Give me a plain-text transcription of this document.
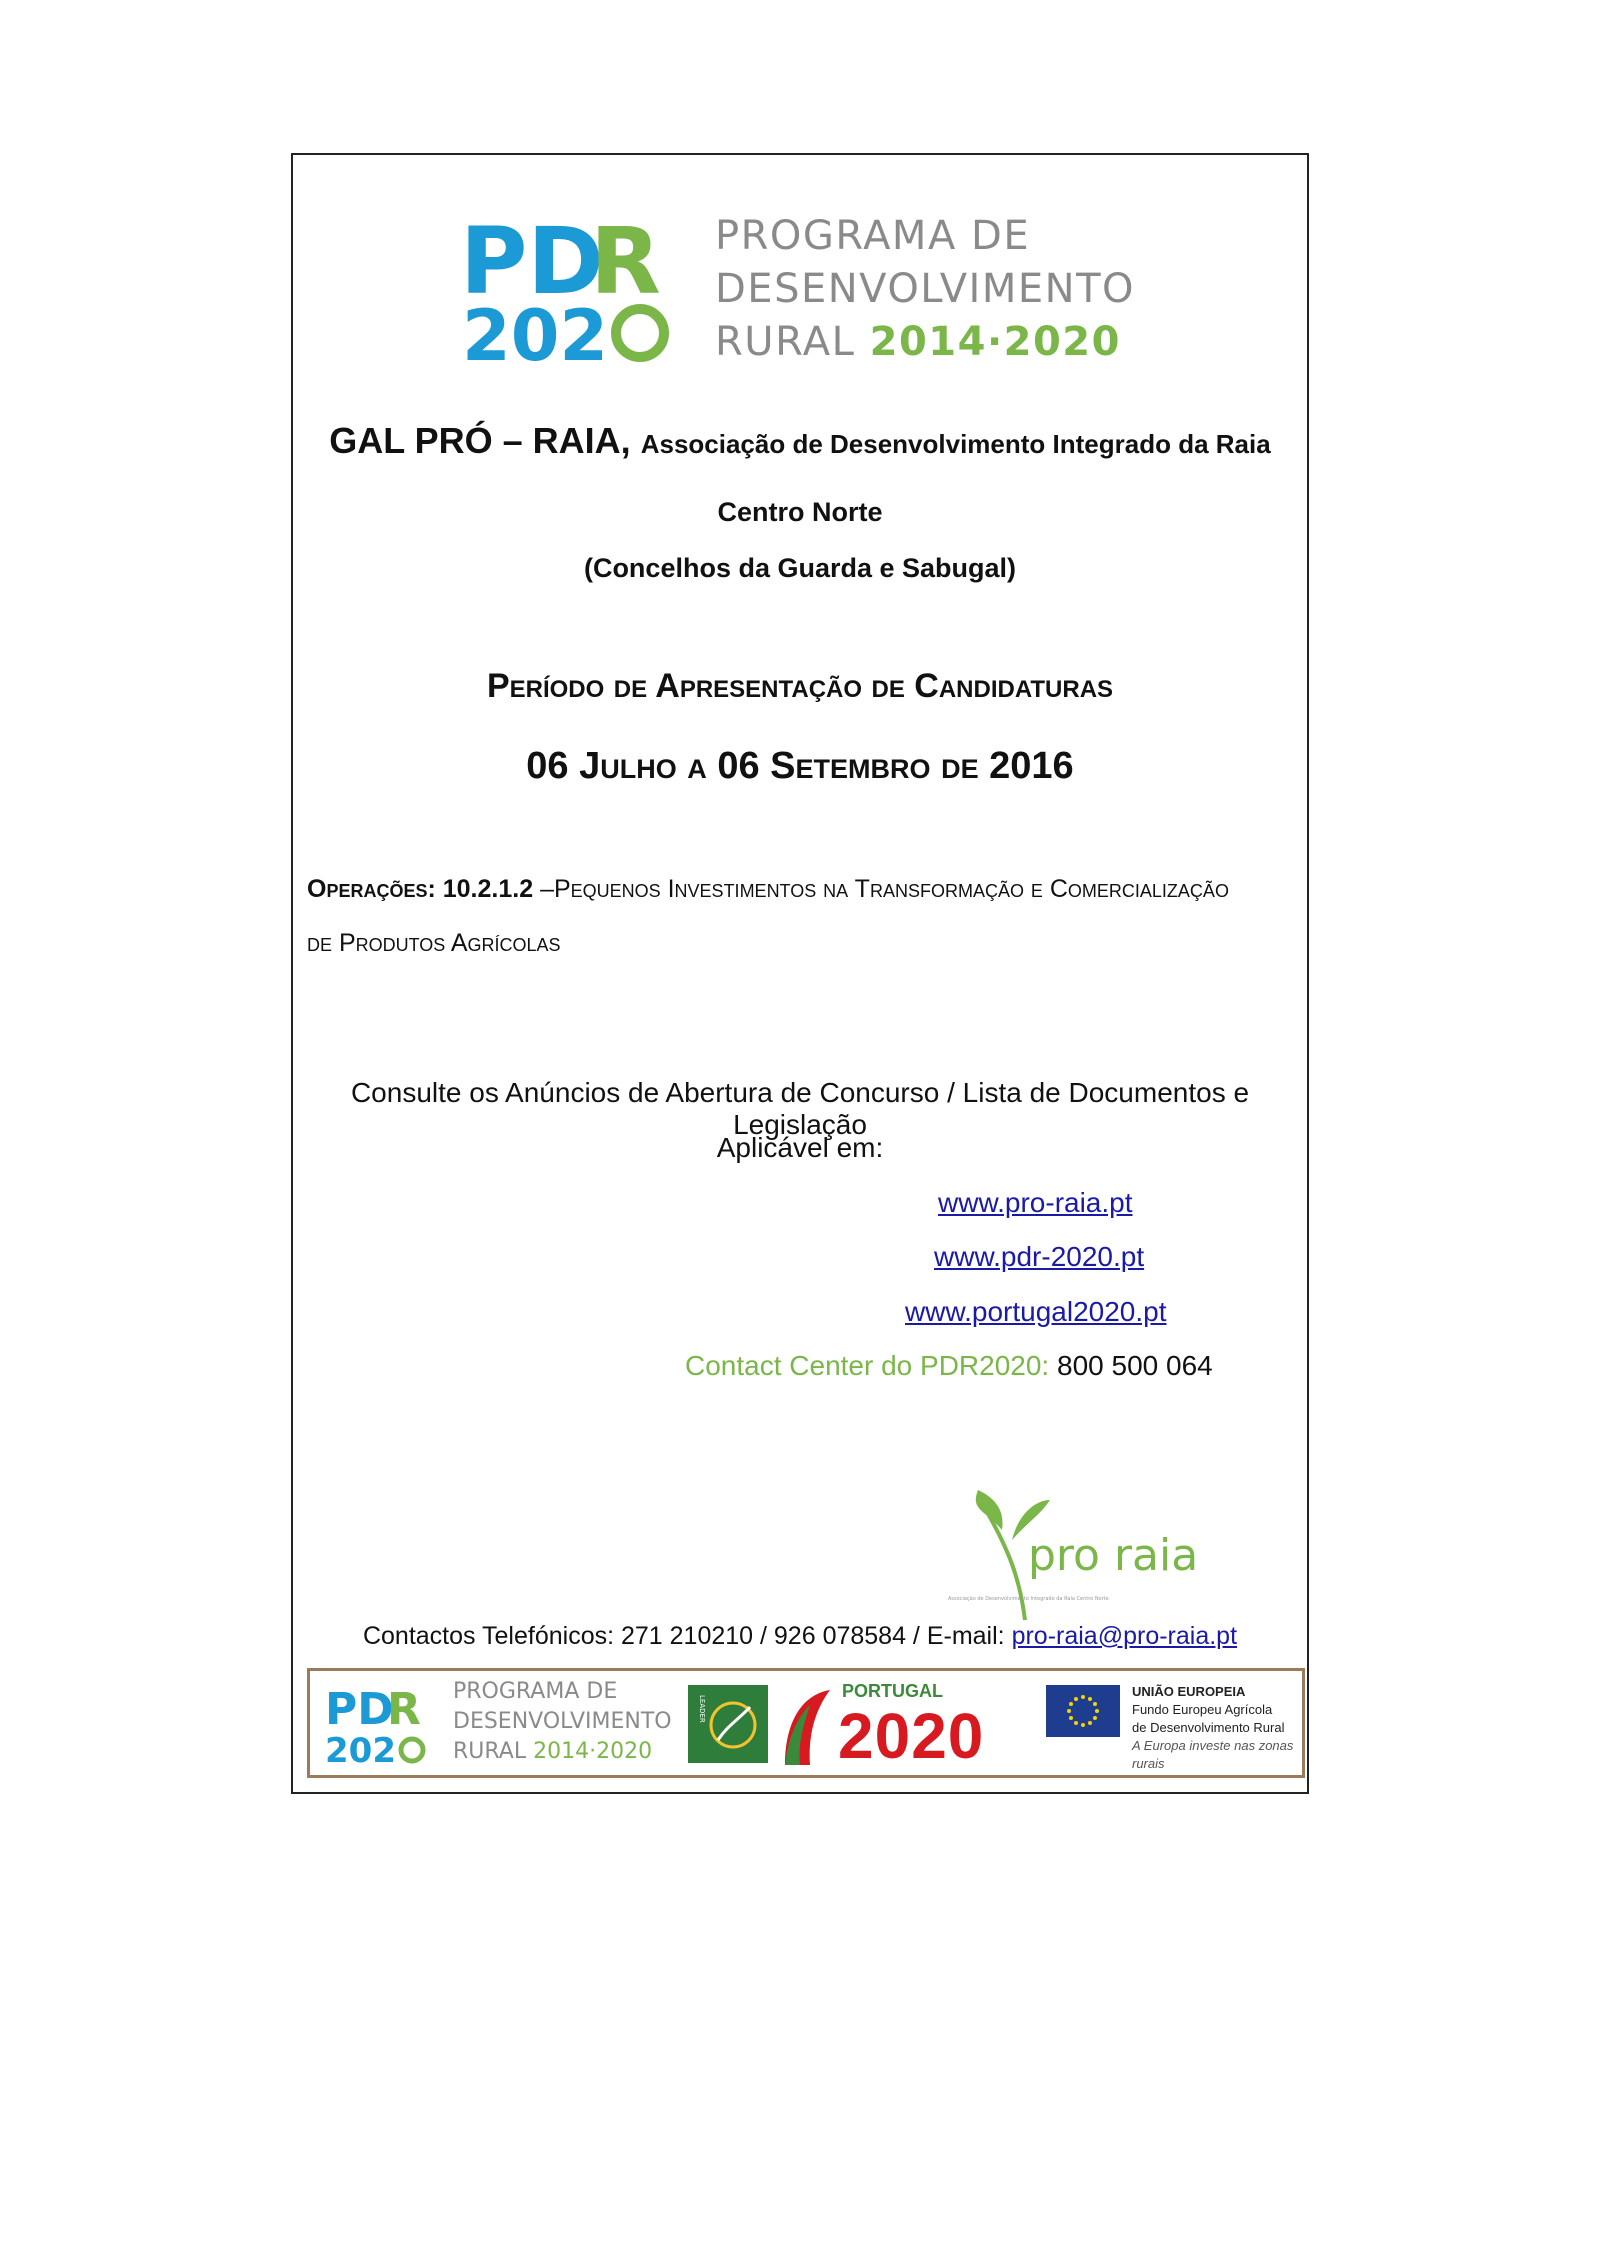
PD
R
202
PROGRAMA DE
DESENVOLVIMENTO
RURAL 2014·2020
GAL PRÓ – RAIA, Associação de Desenvolvimento Integrado da Raia
Centro Norte
(Concelhos da Guarda e Sabugal)
Período de Apresentação de Candidaturas
06 Julho a 06 Setembro de 2016
Operações: 10.2.1.2 –Pequenos Investimentos na Transformação e Comercialização
de Produtos Agrícolas
Consulte os Anúncios de Abertura de Concurso / Lista de Documentos e Legislação
Aplicável em:
www.pro-raia.pt
www.pdr-2020.pt
www.portugal2020.pt
Contact Center do PDR2020: 800 500 064
pro raia
Associação de Desenvolvimento Integrado da Raia Centro Norte
Contactos Telefónicos: 271 210210 / 926 078584 / E-mail: pro-raia@pro-raia.pt
PD
R
202
PROGRAMA DE
DESENVOLVIMENTO
RURAL 2014·2020
LEADER
PORTUGAL
2020
UNIÃO EUROPEIA
Fundo Europeu Agrícola
de Desenvolvimento Rural
A Europa investe nas zonas rurais
